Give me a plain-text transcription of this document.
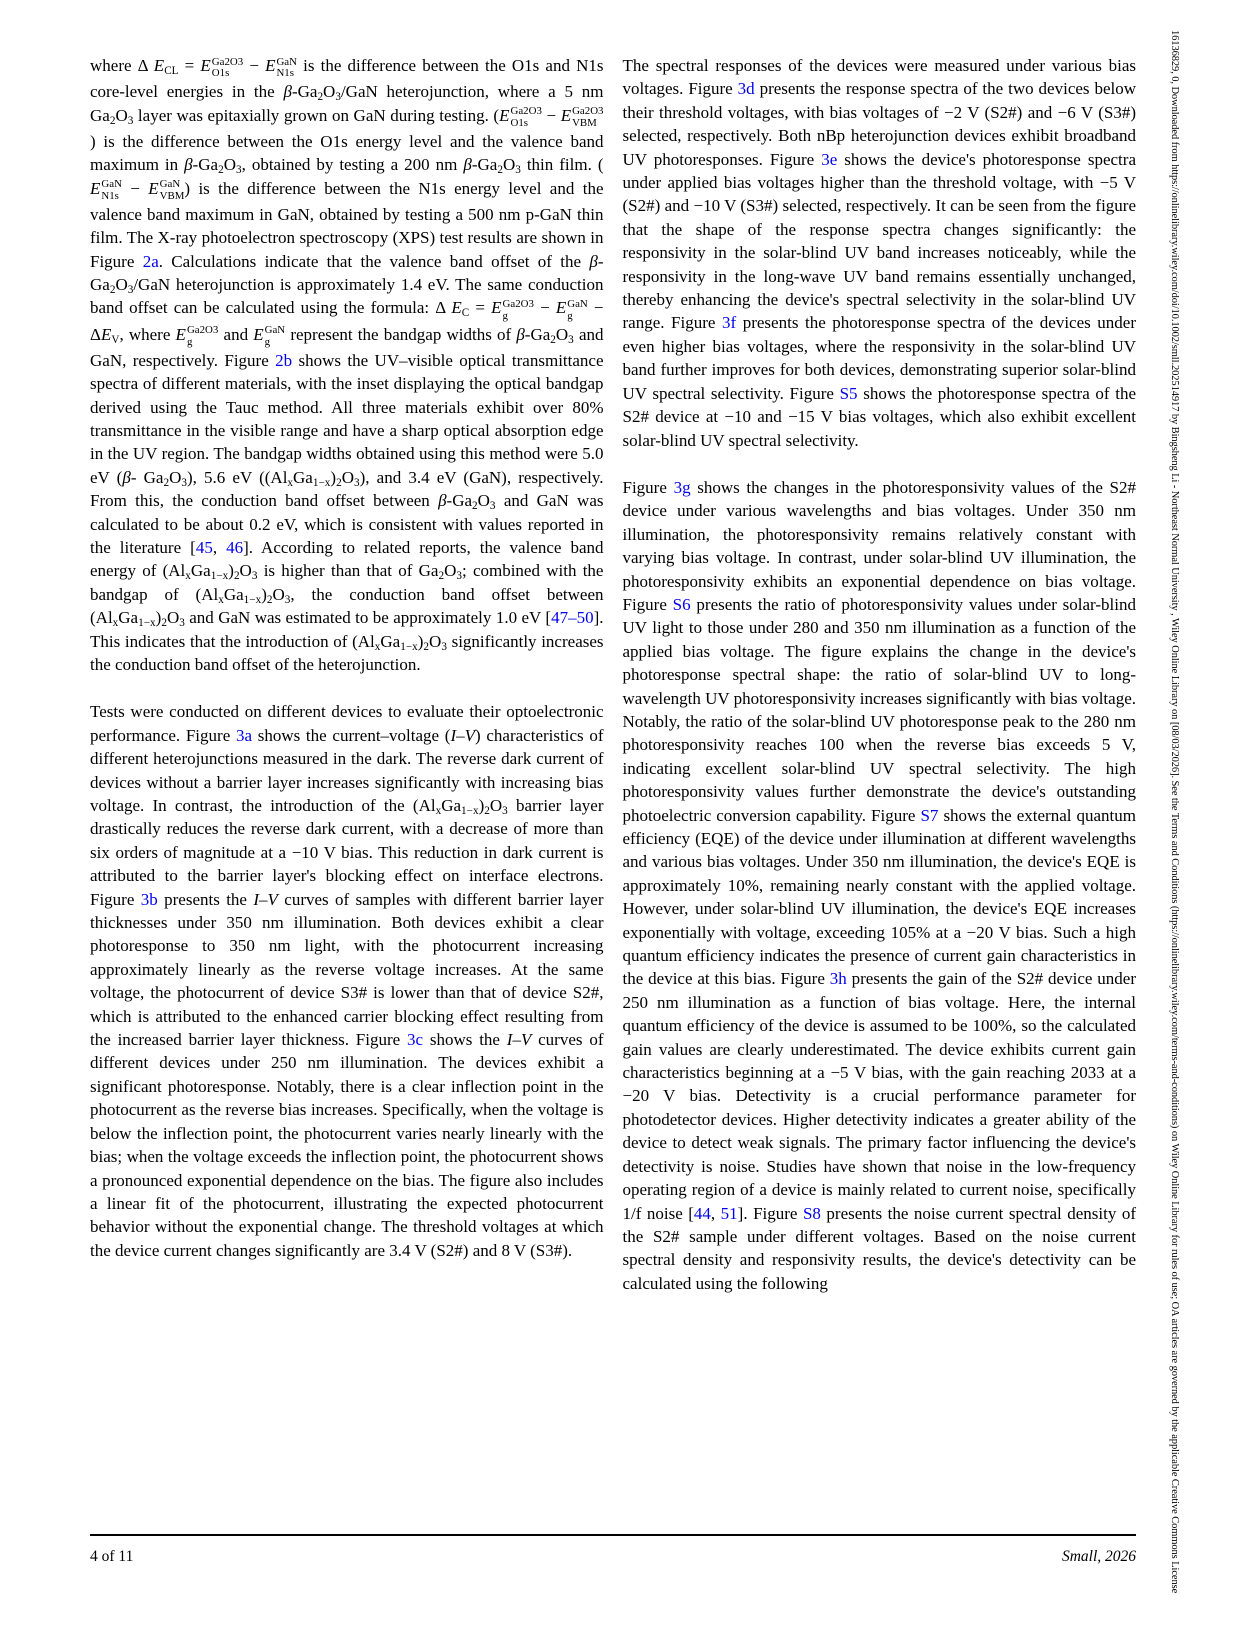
where Δ $E_{CL} = E$ Ga2O3
O1s − E GaN
N1s is the difference between the O1s and N1s core-level energies in the $\beta-Ga_2O_3$/GaN heterojunction, where a 5 nm $Ga_2O_3$ layer was epitaxially grown on GaN during testing. (E Ga2O3
O1s − E Ga2O3
VBM
) is the difference between the O1s energy level and the valence band maximum in $\beta-Ga_2O_3$, obtained by testing a 200 nm $\beta-Ga_2O_3$ thin film. (E GaN
N1s − E GaN
VBM ) is the difference between the N1s energy level and the valence band maximum in GaN, obtained by testing a 500 nm p-GaN thin film. The X-ray photoelectron spectroscopy (XPS) test results are shown in Figure 2a. Calculations indicate that the valence band offset of the $\beta-Ga_2O_3$/GaN heterojunction is approximately 1.4 eV. The same conduction band offset can be calculated using the formula: Δ $E_C = E$ Ga2O3
g	− E GaN
$g - \Delta E_V$, where E Ga2O3
g	and E GaN
g represent the bandgap widths of $\beta-Ga_2O_3$ and GaN, respectively. Figure 2b shows the UV–visible optical transmittance spectra of different materials, with the inset displaying the optical bandgap derived using the Tauc method. All three materials exhibit over 80% transmittance in the visible range and have a sharp optical absorption edge in the UV region. The bandgap widths obtained using this method were 5.0 eV (β- $Ga_2O_3$), 5.6 eV $((Al_xGa_{1-x})_2O_3)$, and 3.4 eV (GaN), respectively. From this, the conduction band offset between $\beta-Ga_2O_3$ and GaN was calculated to be about 0.2 eV, which is consistent with values reported in the literature [45, 46]. According to related reports, the valence band energy of $(Al_xGa_{1-x})_2O_3$ is higher than that of $Ga_2O_3$; combined with the bandgap of $(Al_xGa_{1-x})_2O_3$, the conduction band offset between $(Al_xGa_{1-x})_2O_3$ and GaN was estimated to be approximately 1.0 eV [47–50]. This indicates that the introduction of $(Al_xGa_{1-x})_2O_3$ significantly increases the conduction band offset of the heterojunction.

Tests were conducted on different devices to evaluate their optoelectronic performance. Figure 3a shows the current–voltage (I–V) characteristics of different heterojunctions measured in the dark. The reverse dark current of devices without a barrier layer increases significantly with increasing bias voltage. In contrast, the introduction of the $(Al_xGa_{1-x})_2O_3$ barrier layer drastically reduces the reverse dark current, with a decrease of more than six orders of magnitude at a −10 V bias. This reduction in dark current is attributed to the barrier layer's blocking effect on interface electrons. Figure 3b presents the I–V curves of samples with different barrier layer thicknesses under 350 nm illumination. Both devices exhibit a clear photoresponse to 350 nm light, with the photocurrent increasing approximately linearly as the reverse voltage increases. At the same voltage, the photocurrent of device S3# is lower than that of device S2#, which is attributed to the enhanced carrier blocking effect resulting from the increased barrier layer thickness. Figure 3c shows the I–V curves of different devices under 250 nm illumination. The devices exhibit a significant photoresponse. Notably, there is a clear inflection point in the photocurrent as the reverse bias increases. Specifically, when the voltage is below the inflection point, the photocurrent varies nearly linearly with the bias; when the voltage exceeds the inflection point, the photocurrent shows a pronounced exponential dependence on the bias. The figure also includes a linear fit of the photocurrent, illustrating the expected photocurrent behavior without the exponential change. The threshold voltages at which the device current changes significantly are 3.4 V (S2#) and 8 V (S3#).

The spectral responses of the devices were measured under various bias voltages. Figure 3d presents the response spectra of the two devices below their threshold voltages, with bias voltages of −2 V (S2#) and −6 V (S3#) selected, respectively. Both nBp heterojunction devices exhibit broadband UV photoresponses. Figure 3e shows the device's photoresponse spectra under applied bias voltages higher than the threshold voltage, with −5 V (S2#) and −10 V (S3#) selected, respectively. It can be seen from the figure that the shape of the response spectra changes significantly: the responsivity in the solar-blind UV band increases noticeably, while the responsivity in the long-wave UV band remains essentially unchanged, thereby enhancing the device's spectral selectivity in the solar-blind UV range. Figure 3f presents the photoresponse spectra of the devices under even higher bias voltages, where the responsivity in the solar-blind UV band further improves for both devices, demonstrating superior solar-blind UV spectral selectivity. Figure S5 shows the photoresponse spectra of the S2# device at −10 and −15 V bias voltages, which also exhibit excellent solar-blind UV spectral selectivity.

Figure 3g shows the changes in the photoresponsivity values of the S2# device under various wavelengths and bias voltages. Under 350 nm illumination, the photoresponsivity remains relatively constant with varying bias voltage. In contrast, under solar-blind UV illumination, the photoresponsivity exhibits an exponential dependence on bias voltage. Figure S6 presents the ratio of photoresponsivity values under solar-blind UV light to those under 280 and 350 nm illumination as a function of the applied bias voltage. The figure explains the change in the device's photoresponse spectral shape: the ratio of solar-blind UV to long-wavelength UV photoresponsivity increases significantly with bias voltage. Notably, the ratio of the solar-blind UV photoresponse peak to the 280 nm photoresponsivity reaches 100 when the reverse bias exceeds 5 V, indicating excellent solar-blind UV spectral selectivity. The high photoresponsivity values further demonstrate the device's outstanding photoelectric conversion capability. Figure S7 shows the external quantum efficiency (EQE) of the device under illumination at different wavelengths and various bias voltages. Under 350 nm illumination, the device's EQE is approximately 10%, remaining nearly constant with the applied voltage. However, under solar-blind UV illumination, the device's EQE increases exponentially with voltage, exceeding 105% at a −20 V bias. Such a high quantum efficiency indicates the presence of current gain characteristics in the device at this bias. Figure 3h presents the gain of the S2# device under 250 nm illumination as a function of bias voltage. Here, the internal quantum efficiency of the device is assumed to be 100%, so the calculated gain values are clearly underestimated. The device exhibits current gain characteristics beginning at a −5 V bias, with the gain reaching 2033 at a −20 V bias. Detectivity is a crucial performance parameter for photodetector devices. Higher detectivity indicates a greater ability of the device to detect weak signals. The primary factor influencing the device's detectivity is noise. Studies have shown that noise in the low-frequency operating region of a device is mainly related to current noise, specifically 1/f noise [44, 51]. Figure S8 presents the noise current spectral density of the S2# sample under different voltages. Based on the noise current spectral density and responsivity results, the device's detectivity can be calculated using the following

4 of 11	Small, 2026	16136829, 0, Downloaded from https://onlinelibrary.wiley.com/doi/10.1002/smll.202514917 by Bingsheng Li - Northeast Normal University , Wiley Online Library on [08/03/2026]. See the Terms and Conditions (https://onlinelibrary.wiley.com/terms-and-conditions) on Wiley Online Library for rules of use; OA articles are governed by the applicable Creative Commons License
